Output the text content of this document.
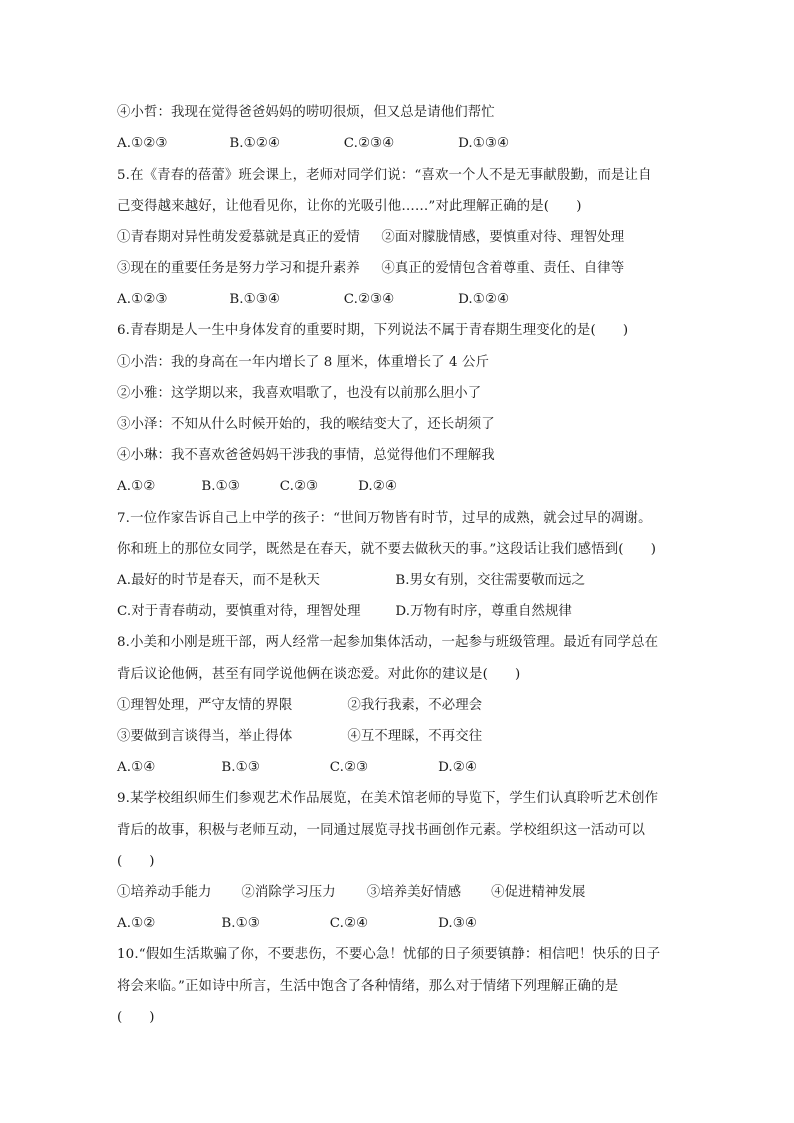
④小哲：我现在觉得爸爸妈妈的唠叨很烦，但又总是请他们帮忙
A.①②③	B.①②④	C.②③④	D.①③④
5.在《青春的蓓蕾》班会课上，老师对同学们说：“喜欢一个人不是无事献殷勤，而是让自
己变得越来越好，让他看见你，让你的光吸引他……”对此理解正确的是(　　)
①青春期对异性萌发爱慕就是真正的爱情 ②面对朦胧情感，要慎重对待、理智处理
③现在的重要任务是努力学习和提升素养 ④真正的爱情包含着尊重、责任、自律等
A.①②③	B.①③④	C.②③④	D.①②④
6.青春期是人一生中身体发育的重要时期，下列说法不属于青春期生理变化的是(　　)
①小浩：我的身高在一年内增长了 8 厘米，体重增长了 4 公斤
②小雅：这学期以来，我喜欢唱歌了，也没有以前那么胆小了
③小泽：不知从什么时候开始的，我的喉结变大了，还长胡须了
④小琳：我不喜欢爸爸妈妈干涉我的事情，总觉得他们不理解我
A.①②	B.①③	C.②③	D.②④
7.一位作家告诉自己上中学的孩子：“世间万物皆有时节，过早的成熟，就会过早的凋谢。
你和班上的那位女同学，既然是在春天，就不要去做秋天的事。”这段话让我们感悟到(　　)
A.最好的时节是春天，而不是秋天	B.男女有别，交往需要敬而远之
C.对于青春萌动，要慎重对待，理智处理	D.万物有时序，尊重自然规律
8.小美和小刚是班干部，两人经常一起参加集体活动，一起参与班级管理。最近有同学总在
背后议论他俩，甚至有同学说他俩在谈恋爱。对此你的建议是(　　)
①理智处理，严守友情的界限	②我行我素，不必理会
③要做到言谈得当，举止得体	④互不理睬，不再交往
A.①④	B.①③	C.②③	D.②④
9.某学校组织师生们参观艺术作品展览，在美术馆老师的导览下，学生们认真聆听艺术创作
背后的故事，积极与老师互动，一同通过展览寻找书画创作元素。学校组织这一活动可以
(　　)
①培养动手能力 ②消除学习压力 ③培养美好情感 ④促进精神发展
A.①②	B.①③	C.②④	D.③④
10.“假如生活欺骗了你，不要悲伤，不要心急！忧郁的日子须要镇静：相信吧！快乐的日子
将会来临。”正如诗中所言，生活中饱含了各种情绪，那么对于情绪下列理解正确的是
(　　)
